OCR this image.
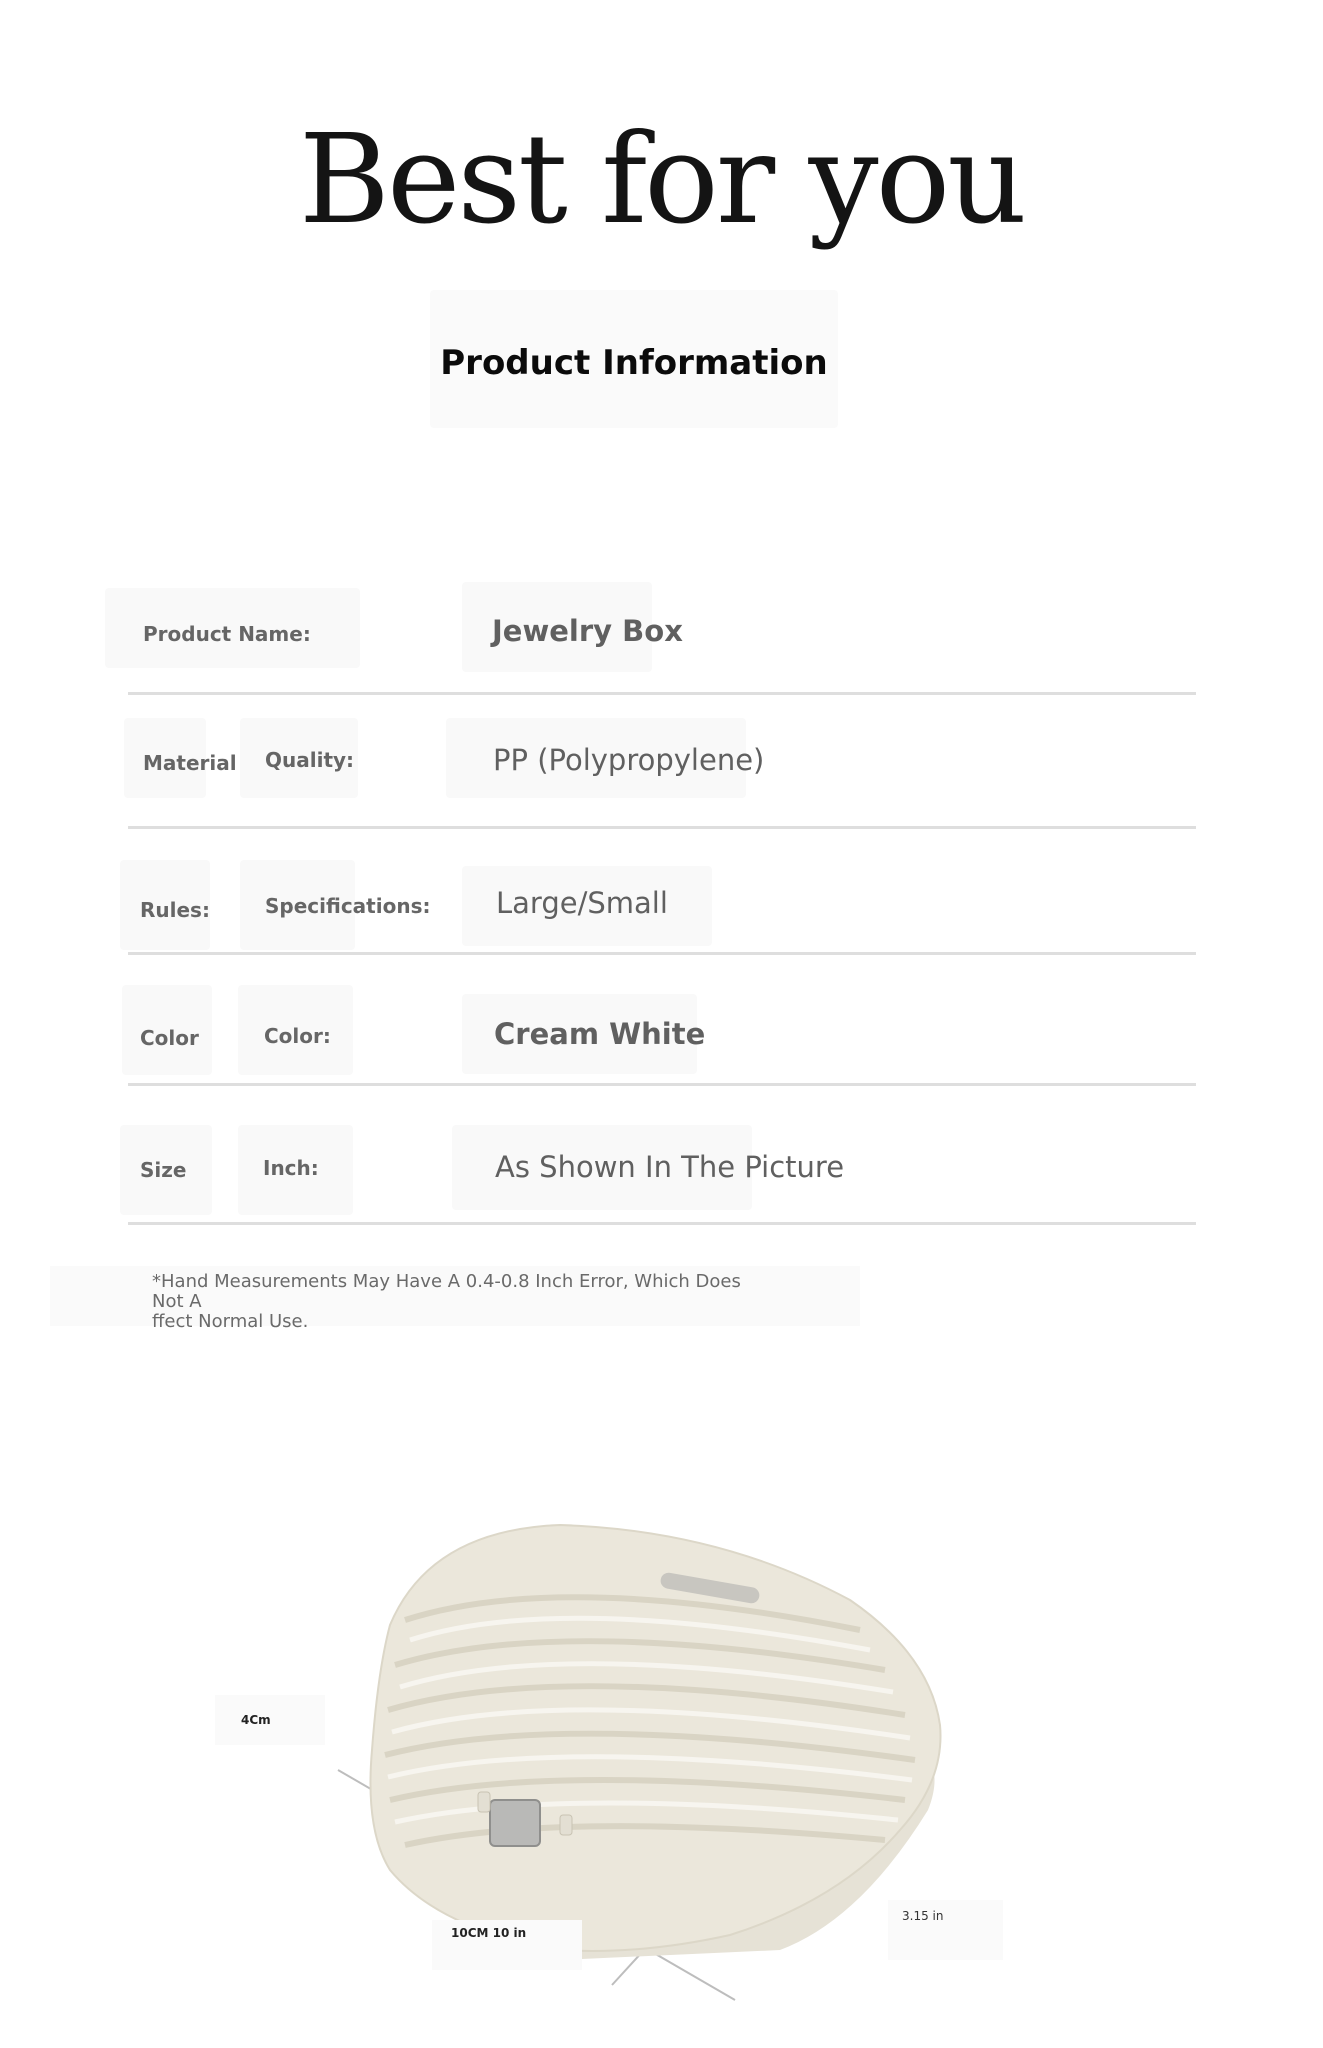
Best for you
Product Information
Product Name:	Jewelry Box
Material Quality:	PP (Polypropylene)
Rules:	Specifications: Large/Small
Color	Color:	Cream White
Size	Inch:	As Shown In The Picture
*Hand Measurements May Have A 0.4-0.8 Inch Error, Which Does Not A
ffect Normal Use.
4Cm
10CM 10 in
3.15 in
